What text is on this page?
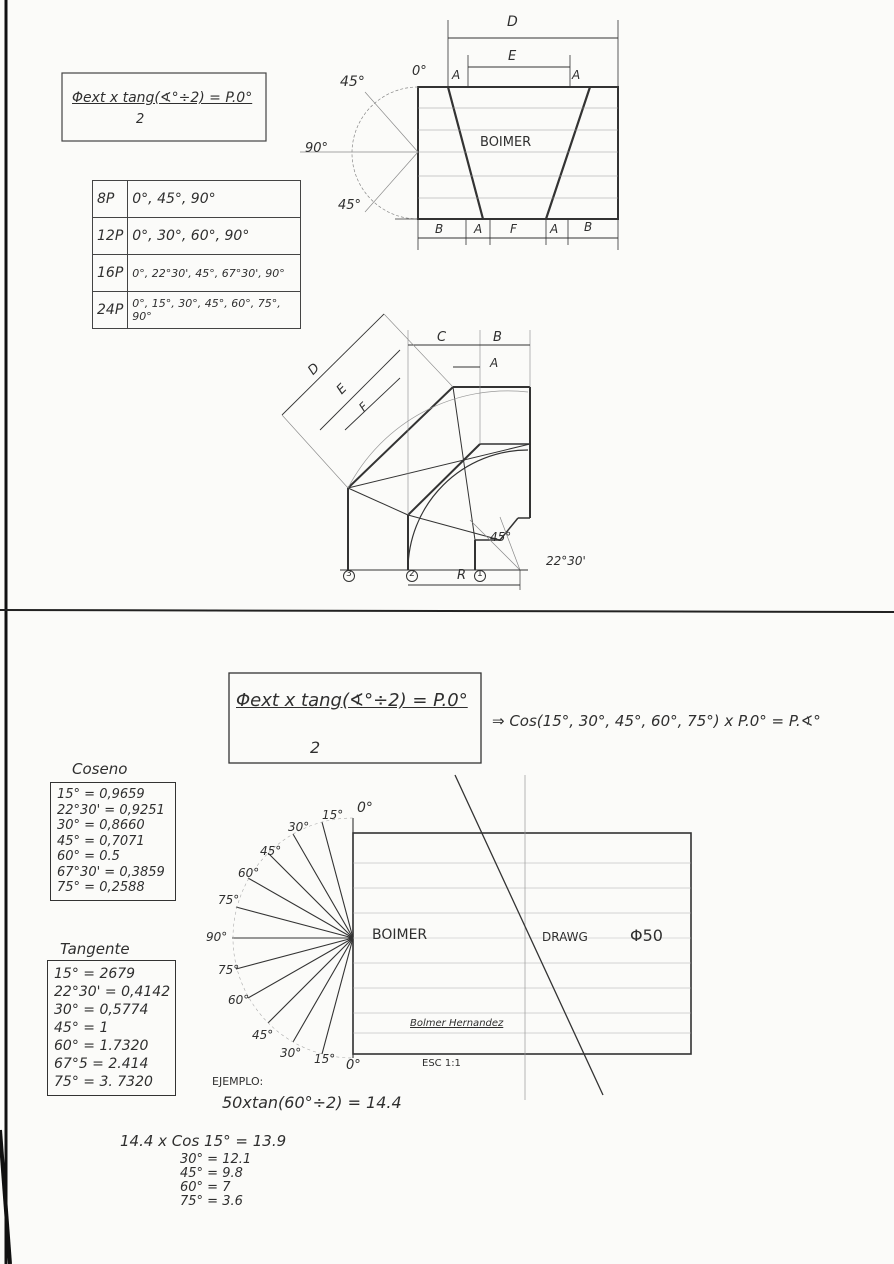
Φext x tang(∢°÷2) = P.0°
2
8P	0°, 45°, 90°
12P	0°, 30°, 60°, 90°
16P	0°, 22°30', 45°, 67°30', 90°
24P	0°, 15°, 30°, 45°, 60°, 75°, 90°
D
E
A	A
45°
0°
90°
45°
BOIMER
B	A F	A B
C	B
A
D
E
F
45°
22°30'
3	2	R 1
Φext x tang(∢°÷2) = P.0°
2
⇒ Cos(15°, 30°, 45°, 60°, 75°) x P.0° = P.∢°
Coseno
15° = 0,9659
22°30' = 0,9251
30° = 0,8660
45° = 0,7071
60° = 0.5
67°30' = 0,3859
75° = 0,2588
Tangente
15° = 2679
22°30' = 0,4142
30° = 0,5774
45° = 1
60° = 1.7320
67°5 = 2.414
75° = 3. 7320
0°
15°
30°
45°
60°
75°
90°
75°
60°
45°
30° 15° 0°
BOIMER	DRAWG	Φ50
Bolmer Hernandez
ESC 1:1
EJEMPLO:
50xtan(60°÷2) = 14.4
14.4 x Cos 15° = 13.9
30° = 12.1
45° = 9.8
60° = 7
75° = 3.6
